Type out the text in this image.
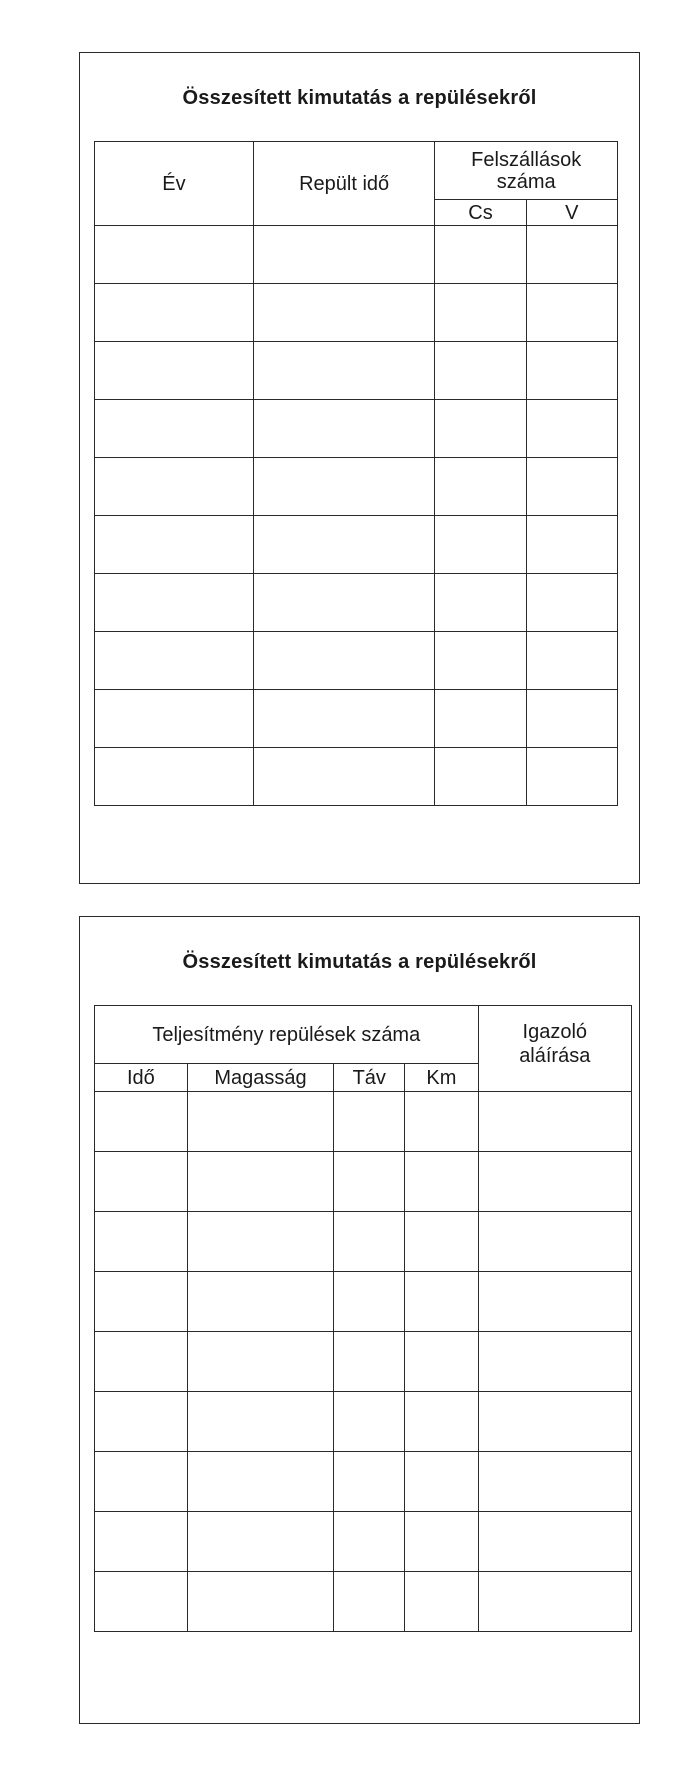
Összesített kimutatás a repülésekről
Év	Repült idő	Felszállások száma	
		Cs	V

Összesített kimutatás a repülésekről
Teljesítmény repülések száma				Igazoló aláírása
Idő	Magasság	Táv	Km	
